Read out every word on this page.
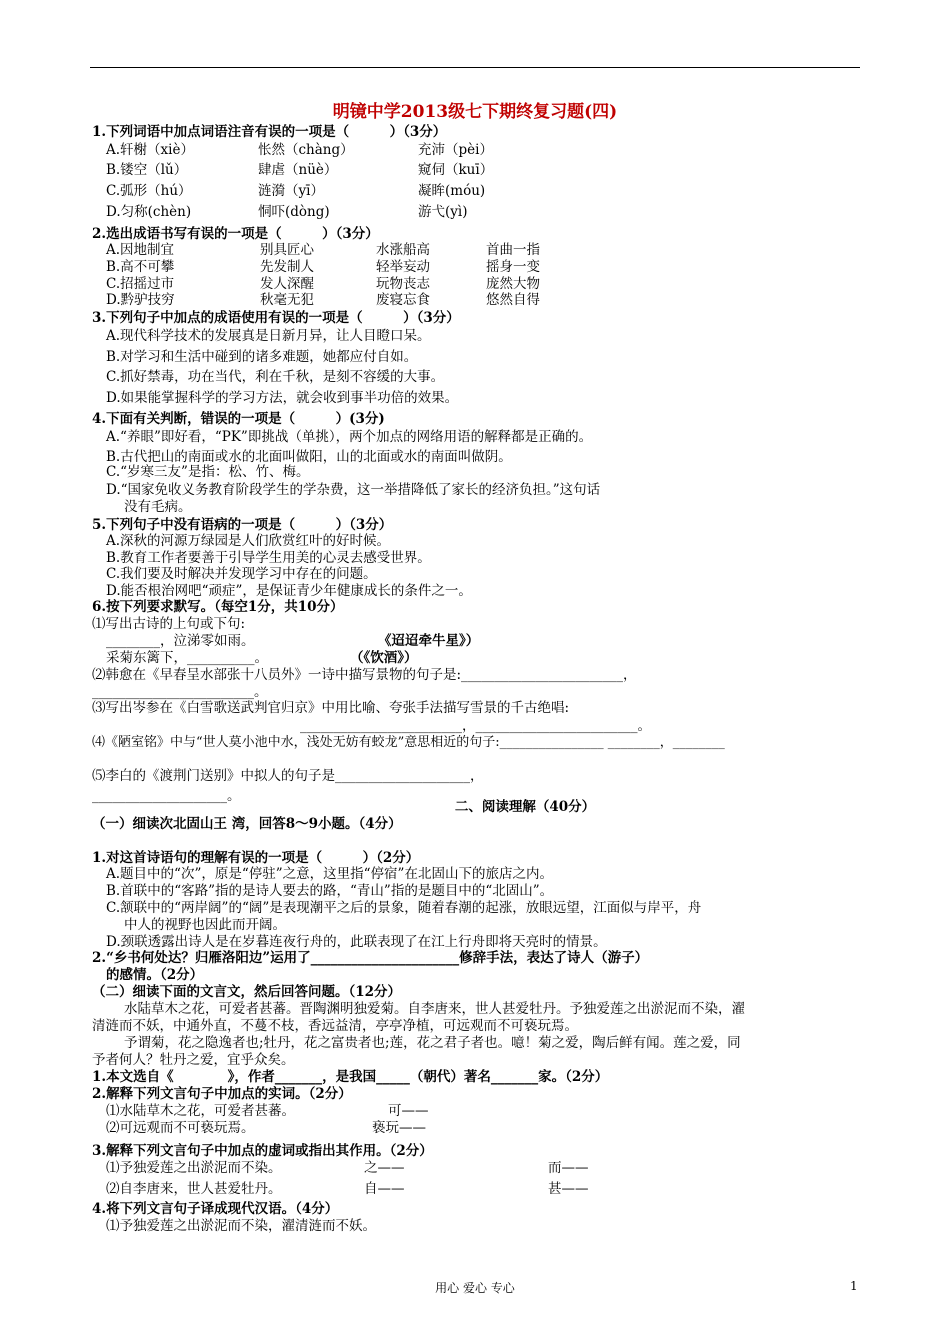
明镜中学2013级七下期终复习题(四)
1.下列词语中加点词语注音有误的一项是（　　　）（3分）
A.轩榭（xiè）	怅然（chàng）	充沛（pèi）
B.镂空（lǔ）	肆虐（nüè）	窥伺（kuī）
C.弧形（hú）	涟漪（yī）	凝眸(móu)
D.匀称(chèn)	恫吓(dòng)	游弋(yì)
2.选出成语书写有误的一项是（　　　）（3分）
A.因地制宜	别具匠心	水涨船高	首曲一指
B.高不可攀	先发制人	轻举妄动	摇身一变
C.招摇过市	发人深醒	玩物丧志	庞然大物
D.黔驴技穷	秋毫无犯	废寝忘食	悠然自得
3.下列句子中加点的成语使用有误的一项是（　　　）（3分）
A.现代科学技术的发展真是日新月异，让人目瞪口呆。
B.对学习和生活中碰到的诸多难题，她都应付自如。
C.抓好禁毒，功在当代，利在千秋，是刻不容缓的大事。
D.如果能掌握科学的学习方法，就会收到事半功倍的效果。
4.下面有关判断，错误的一项是（　　　）(3分)
A.“养眼”即好看，“PK”即挑战（单挑），两个加点的网络用语的解释都是正确的。
B.古代把山的南面或水的北面叫做阳，山的北面或水的南面叫做阴。
C.“岁寒三友”是指：松、竹、梅。
D.“国家免收义务教育阶段学生的学杂费，这一举措降低了家长的经济负担。”这句话
没有毛病。
5.下列句子中没有语病的一项是（　　　）（3分）
A.深秋的河源万绿园是人们欣赏红叶的好时候。
B.教育工作者要善于引导学生用美的心灵去感受世界。
C.我们要及时解决并发现学习中存在的问题。
D.能否根治网吧“顽症”，是保证青少年健康成长的条件之一。
6.按下列要求默写。（每空1分，共10分）
⑴写出古诗的上句或下句:
________，泣涕零如雨。	《迢迢牵牛星》）
采菊东篱下，__________。	（《饮酒》）
⑵韩愈在《早春呈水部张十八员外》一诗中描写景物的句子是:________________________，
________________________。
⑶写出岑参在《白雪歌送武判官归京》中用比喻、夸张手法描写雪景的千古绝唱:
________________________，________________________。
⑷《陋室铭》中与“世人莫小池中水，浅处无妨有蛟龙”意思相近的句子:________________ ________，________
⑸李白的《渡荆门送别》中拟人的句子是____________________，
____________________。
二、阅读理解（40分）
（一）细读次北固山王 湾，回答8～9小题。（4分）
1.对这首诗语句的理解有误的一项是（　　　）（2分）
A.题目中的“次”，原是“停驻”之意，这里指“停宿”在北固山下的旅店之内。
B.首联中的“客路”指的是诗人要去的路，“青山”指的是题目中的“北固山”。
C.颔联中的“两岸阔”的“阔”是表现潮平之后的景象，随着春潮的起涨，放眼远望，江面似与岸平，舟
中人的视野也因此而开阔。
D.颈联透露出诗人是在岁暮连夜行舟的，此联表现了在江上行舟即将天亮时的情景。
2.“乡书何处达？归雁洛阳边”运用了______________________修辞手法，表达了诗人（游子）
的感情。（2分）
（二）细读下面的文言文，然后回答问题。（12分）
水陆草木之花，可爱者甚蕃。晋陶渊明独爱菊。自李唐来，世人甚爱牡丹。予独爱莲之出淤泥而不染，濯
清涟而不妖，中通外直，不蔓不枝，香远益清，亭亭净植，可远观而不可亵玩焉。
予谓菊，花之隐逸者也;牡丹，花之富贵者也;莲，花之君子者也。噫！菊之爱，陶后鲜有闻。莲之爱，同
予者何人？牡丹之爱，宜乎众矣。
1.本文选自《　　　　》，作者_______，是我国_____（朝代）著名_______家。（2分）
2.解释下列文言句子中加点的实词。（2分）
⑴水陆草木之花，可爱者甚蕃。	可——
⑵可远观而不可亵玩焉。	亵玩——
3.解释下列文言句子中加点的虚词或指出其作用。（2分）
⑴予独爱莲之出淤泥而不染。	之——	而——
⑵自李唐来，世人甚爱牡丹。	自——	甚——
4.将下列文言句子译成现代汉语。（4分）
⑴予独爱莲之出淤泥而不染，濯清涟而不妖。
用心 爱心 专心	1
